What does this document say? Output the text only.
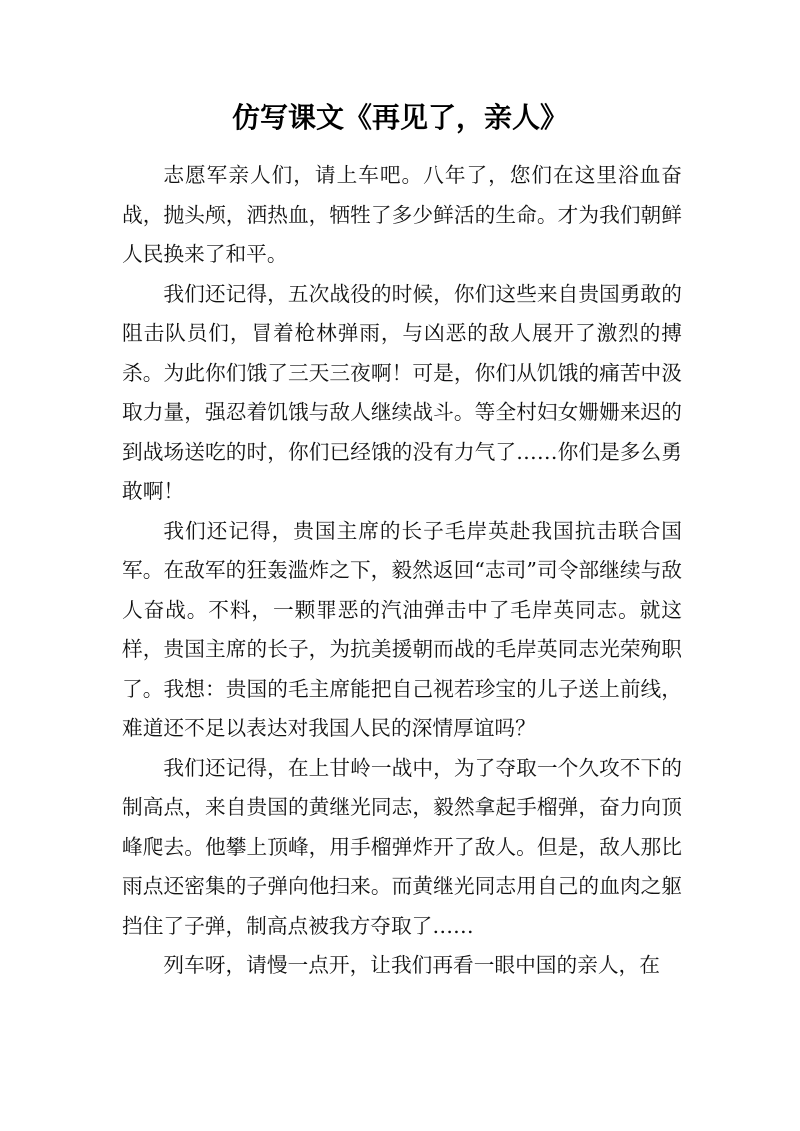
仿写课文《再见了，亲人》

志愿军亲人们，请上车吧。八年了，您们在这里浴血奋战，抛头颅，洒热血，牺牲了多少鲜活的生命。才为我们朝鲜人民换来了和平。

我们还记得，五次战役的时候，你们这些来自贵国勇敢的阻击队员们，冒着枪林弹雨，与凶恶的敌人展开了激烈的搏杀。为此你们饿了三天三夜啊！可是，你们从饥饿的痛苦中汲取力量，强忍着饥饿与敌人继续战斗。等全村妇女姗姗来迟的到战场送吃的时，你们已经饿的没有力气了……你们是多么勇敢啊！

我们还记得，贵国主席的长子毛岸英赴我国抗击联合国军。在敌军的狂轰滥炸之下，毅然返回“志司”司令部继续与敌人奋战。不料，一颗罪恶的汽油弹击中了毛岸英同志。就这样，贵国主席的长子，为抗美援朝而战的毛岸英同志光荣殉职了。我想：贵国的毛主席能把自己视若珍宝的儿子送上前线，难道还不足以表达对我国人民的深情厚谊吗？

我们还记得，在上甘岭一战中，为了夺取一个久攻不下的制高点，来自贵国的黄继光同志，毅然拿起手榴弹，奋力向顶峰爬去。他攀上顶峰，用手榴弹炸开了敌人。但是，敌人那比雨点还密集的子弹向他扫来。而黄继光同志用自己的血肉之躯挡住了子弹，制高点被我方夺取了……

列车呀，请慢一点开，让我们再看一眼中国的亲人，在
